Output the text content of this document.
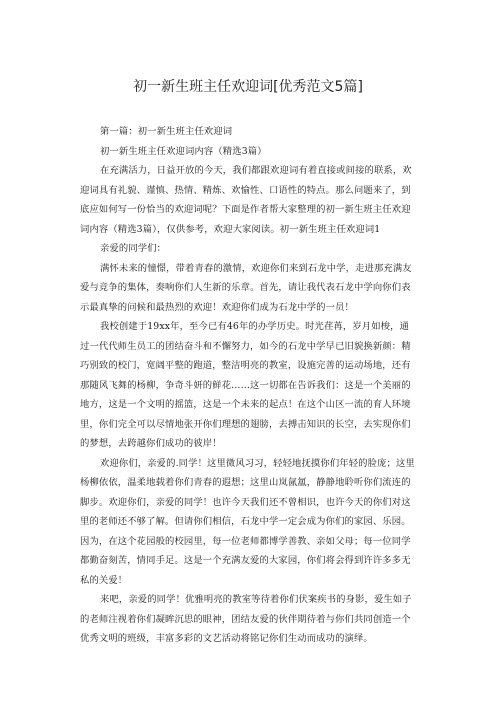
初一新生班主任欢迎词[优秀范文5篇]

第一篇：初一新生班主任欢迎词

初一新生班主任欢迎词内容（精选3篇）

在充满活力，日益开放的今天，我们都跟欢迎词有着直接或间接的联系，欢迎词具有礼貌、谨慎、热情、精炼、欢愉性、口语性的特点。那么问题来了，到底应如何写一份恰当的欢迎词呢？下面是作者帮大家整理的初一新生班主任欢迎词内容（精选3篇），仅供参考，欢迎大家阅读。初一新生班主任欢迎词1

亲爱的同学们：

满怀未来的憧憬，带着青春的激情，欢迎你们来到石龙中学，走进那充满友爱与竞争的集体，奏响你们人生新的乐章。首先，请让我代表石龙中学向你们表示最真挚的问候和最热烈的欢迎！欢迎你们成为石龙中学的一员！

我校创建于19xx年，至今已有46年的办学历史。时光荏苒，岁月如梭，通过一代代师生员工的团结奋斗和不懈努力，如今的石龙中学早已旧貌换新颜：精巧别致的校门，宽阔平整的跑道，整洁明亮的教室，设施完善的运动场地，还有那随风飞舞的杨柳，争奇斗妍的鲜花……这一切都在告诉我们：这是一个美丽的地方，这是一个文明的摇篮，这是一个未来的起点！在这个山区一流的育人环境里，你们完全可以尽情地张开你们理想的翅膀，去搏击知识的长空，去实现你们的梦想，去跨越你们成功的彼岸！

欢迎你们，亲爱的.同学！这里微风习习，轻轻地抚摸你们年轻的脸庞；这里杨柳依依，温柔地载着你们青春的遐想；这里山岚氤氲，静静地聆听你们流连的脚步。欢迎你们，亲爱的同学！也许今天我们还不曾相识，也许今天的你们对这里的老师还不够了解。但请你们相信，石龙中学一定会成为你们的家园、乐园。因为，在这个花园般的校园里，每一位老师都博学善教、亲如父母；每一位同学都勤奋刻苦，情同手足。这是一个充满友爱的大家园，你们将会得到许许多多无私的关爱！

来吧，亲爱的同学！优雅明亮的教室等待着你们伏案疾书的身影，爱生如子的老师注视着你们凝眸沉思的眼神，团结友爱的伙伴期待着与你们共同创造一个优秀文明的班级，丰富多彩的文艺活动将铭记你们生动而成功的演绎。
